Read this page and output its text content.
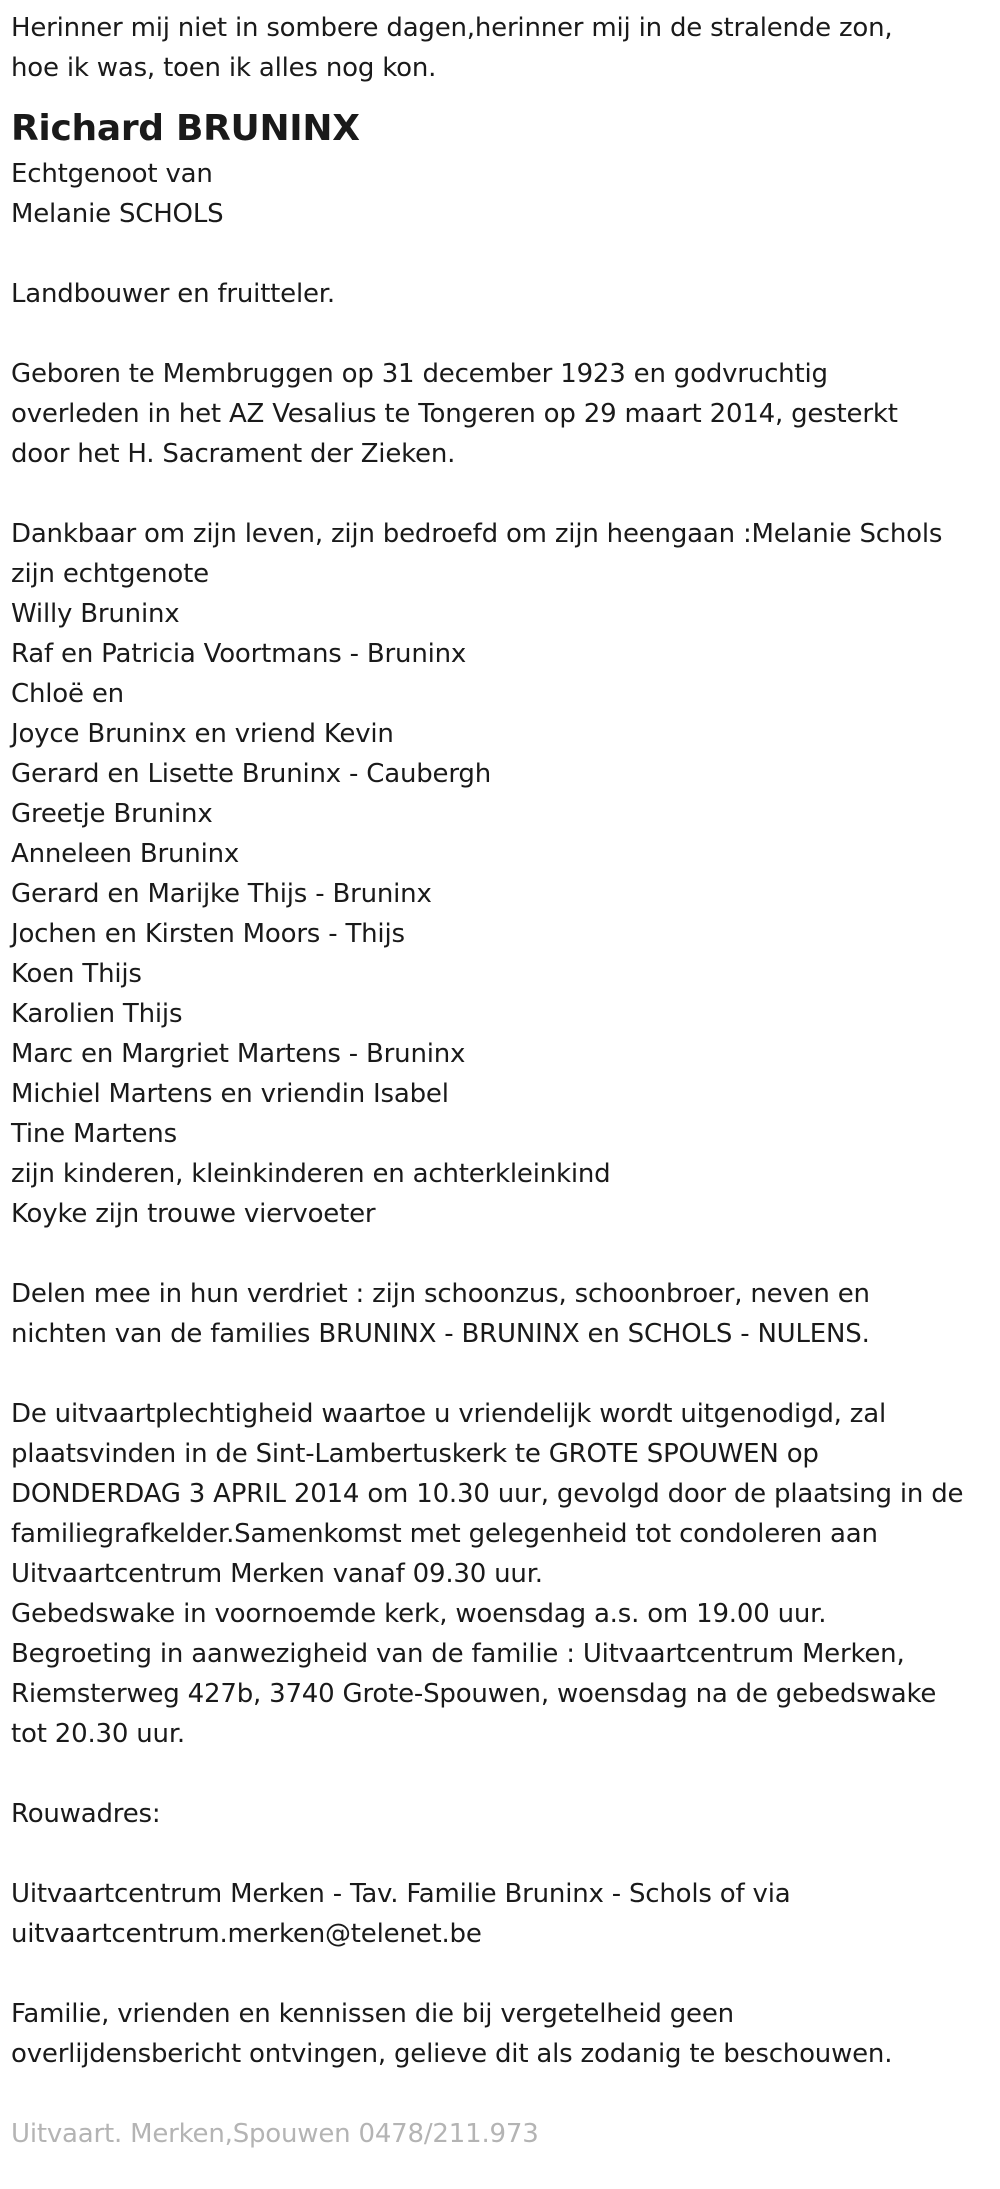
Herinner mij niet in sombere dagen,herinner mij in de stralende zon,
hoe ik was, toen ik alles nog kon.
Richard BRUNINX
Echtgenoot van
Melanie SCHOLS
Landbouwer en fruitteler.
Geboren te Membruggen op 31 december 1923 en godvruchtig
overleden in het AZ Vesalius te Tongeren op 29 maart 2014, gesterkt
door het H. Sacrament der Zieken.
Dankbaar om zijn leven, zijn bedroefd om zijn heengaan :Melanie Schols
zijn echtgenote
Willy Bruninx
Raf en Patricia Voortmans - Bruninx
Chloë en
Joyce Bruninx en vriend Kevin
Gerard en Lisette Bruninx - Caubergh
Greetje Bruninx
Anneleen Bruninx
Gerard en Marijke Thijs - Bruninx
Jochen en Kirsten Moors - Thijs
Koen Thijs
Karolien Thijs
Marc en Margriet Martens - Bruninx
Michiel Martens en vriendin Isabel
Tine Martens
zijn kinderen, kleinkinderen en achterkleinkind
Koyke zijn trouwe viervoeter
Delen mee in hun verdriet : zijn schoonzus, schoonbroer, neven en
nichten van de families BRUNINX - BRUNINX en SCHOLS - NULENS.
De uitvaartplechtigheid waartoe u vriendelijk wordt uitgenodigd, zal
plaatsvinden in de Sint-Lambertuskerk te GROTE SPOUWEN op
DONDERDAG 3 APRIL 2014 om 10.30 uur, gevolgd door de plaatsing in de
familiegrafkelder.Samenkomst met gelegenheid tot condoleren aan
Uitvaartcentrum Merken vanaf 09.30 uur.
Gebedswake in voornoemde kerk, woensdag a.s. om 19.00 uur.
Begroeting in aanwezigheid van de familie : Uitvaartcentrum Merken,
Riemsterweg 427b, 3740 Grote-Spouwen, woensdag na de gebedswake
tot 20.30 uur.
Rouwadres:
Uitvaartcentrum Merken - Tav. Familie Bruninx - Schols of via
uitvaartcentrum.merken@telenet.be
Familie, vrienden en kennissen die bij vergetelheid geen
overlijdensbericht ontvingen, gelieve dit als zodanig te beschouwen.
Uitvaart. Merken,Spouwen 0478/211.973
